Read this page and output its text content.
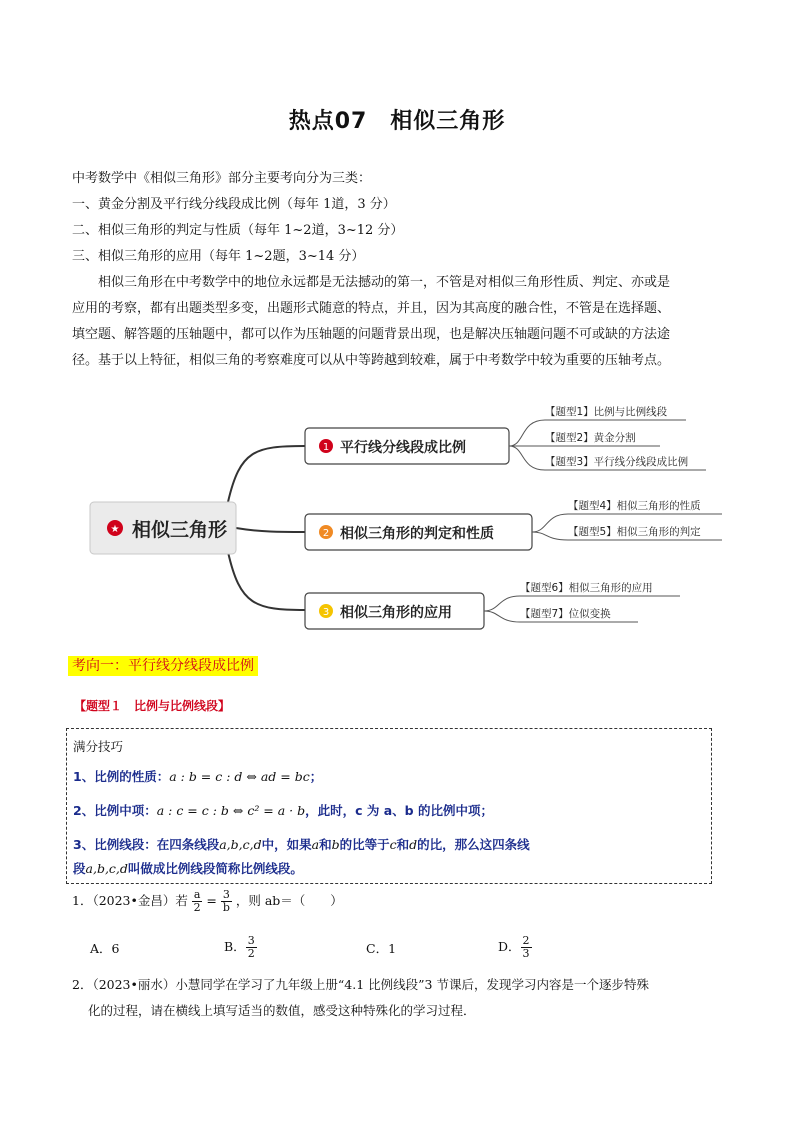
热点07　相似三角形
中考数学中《相似三角形》部分主要考向分为三类：
一、黄金分割及平行线分线段成比例（每年 1道，3 分）
二、相似三角形的判定与性质（每年 1~2道，3~12 分）
三、相似三角形的应用（每年 1~2题，3~14 分）
相似三角形在中考数学中的地位永远都是无法撼动的第一，不管是对相似三角形性质、判定、亦或是
应用的考察，都有出题类型多变，出题形式随意的特点，并且，因为其高度的融合性，不管是在选择题、
填空题、解答题的压轴题中，都可以作为压轴题的问题背景出现，也是解决压轴题问题不可或缺的方法途
径。基于以上特征，相似三角的考察难度可以从中等跨越到较难，属于中考数学中较为重要的压轴考点。
★ 相似三角形
1 平行线分线段成比例
【题型1】比例与比例线段
【题型2】黄金分割
【题型3】平行线分线段成比例
2 相似三角形的判定和性质
【题型4】相似三角形的性质
【题型5】相似三角形的判定
3 相似三角形的应用
【题型6】相似三角形的应用
【题型7】位似变换
考向一：平行线分线段成比例
【题型１　比例与比例线段】
满分技巧
1、比例的性质：a : b = c : d ⇔ ad = bc；
2、比例中项：a : c = c : b ⇔ c² = a · b，此时，c 为 a、b 的比例中项；
3、比例线段：在四条线段a,b,c,d中，如果a和b的比等于c和d的比，那么这四条线
段a,b,c,d叫做成比例线段简称比例线段。
1．（2023•金昌）若 $\frac{a}{2} = \frac{3}{b}$ ，则 ab＝（　　）
A．6	B． $\frac{3}{2}$	C．1	D． $\frac{2}{3}$
2．（2023•丽水）小慧同学在学习了九年级上册“4.1 比例线段”3 节课后，发现学习内容是一个逐步特殊
化的过程，请在横线上填写适当的数值，感受这种特殊化的学习过程．
